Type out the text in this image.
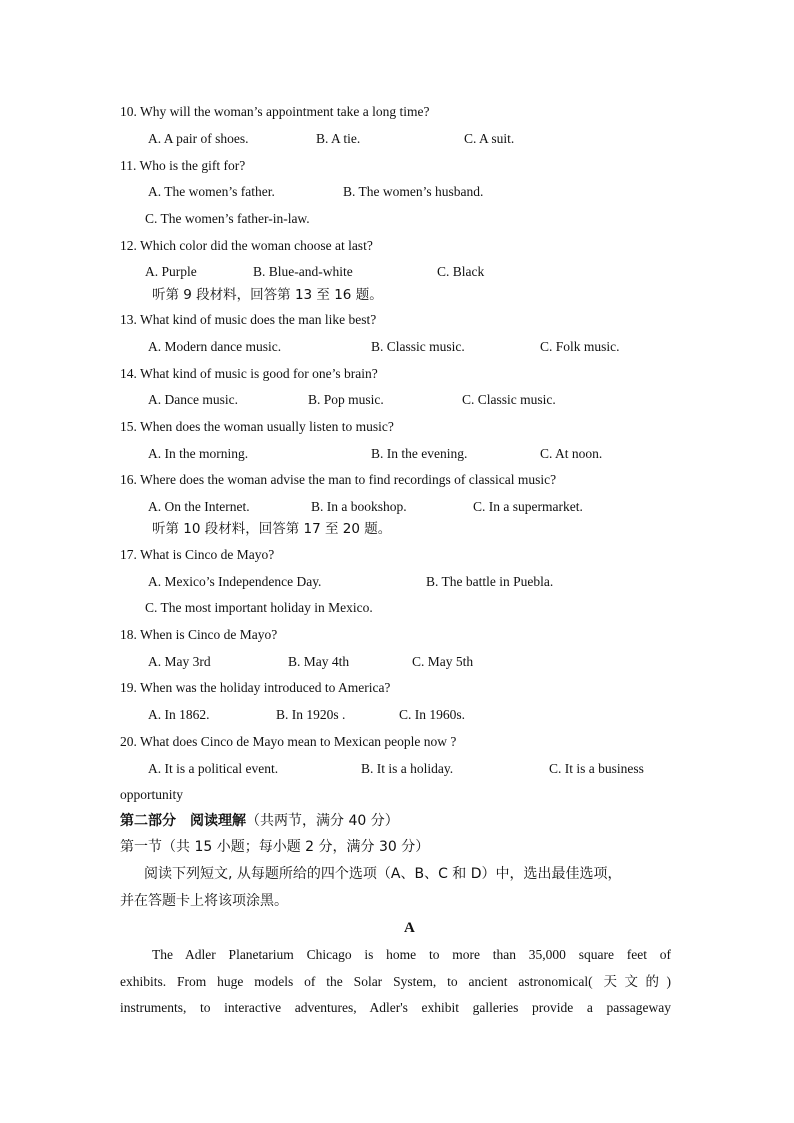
10. Why will the woman’s appointment take a long time?
A. A pair of shoes.	B. A tie.	C. A suit.
11. Who is the gift for?
A. The women’s father.	B. The women’s husband.
C. The women’s father-in-law.
12. Which color did the woman choose at last?
A. Purple	B. Blue-and-white	C. Black
听第 9 段材料，回答第 13 至 16 题。
13. What kind of music does the man like best?
A. Modern dance music.	B. Classic music.	C. Folk music.
14. What kind of music is good for one’s brain?
A. Dance music.	B. Pop music.	C. Classic music.
15. When does the woman usually listen to music?
A. In the morning.	B. In the evening.	C. At noon.
16. Where does the woman advise the man to find recordings of classical music?
A. On the Internet.	B. In a bookshop.	C. In a supermarket.
听第 10 段材料，回答第 17 至 20 题。
17. What is Cinco de Mayo?
A. Mexico’s Independence Day.	B. The battle in Puebla.
C. The most important holiday in Mexico.
18. When is Cinco de Mayo?
A. May 3rd	B. May 4th	C. May 5th
19. When was the holiday introduced to America?
A. In 1862.	B. In 1920s .	C. In 1960s.
20. What does Cinco de Mayo mean to Mexican people now ?
A. It is a political event.	B. It is a holiday.	C. It is a business
opportunity
第二部分　阅读理解（共两节，满分 40 分）
第一节（共 15 小题；每小题 2 分，满分 30 分）
阅读下列短文, 从每题所给的四个选项（A、B、C 和 D）中，选出最佳选项，
并在答题卡上将该项涂黑。
A
The Adler Planetarium Chicago is home to more than 35,000 square feet of
exhibits. From huge models of the Solar System, to ancient astronomical( 天文的)
instruments, to interactive adventures, Adler's exhibit galleries provide a passageway
